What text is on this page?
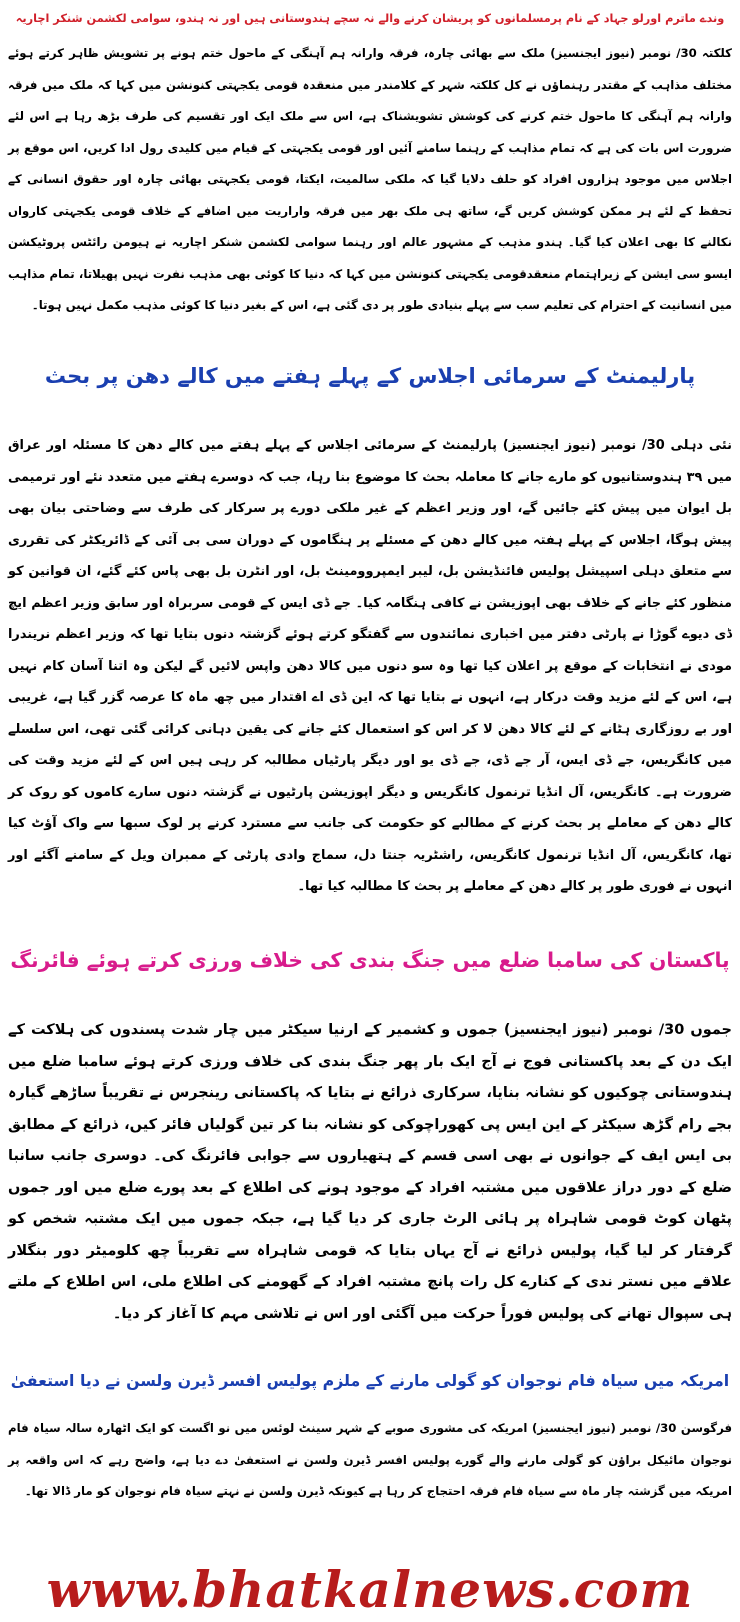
وندے ماترم اورلو جہاد کے نام پرمسلمانوں کو پریشان کرنے والے نہ سچے ہندوستانی ہیں اور نہ ہندو، سوامی لکشمن شنکر اچاریہ

کلکتہ 30/ نومبر (نیوز ایجنسیز) ملک سے بھائی چارہ، فرقہ وارانہ ہم آہنگی کے ماحول ختم ہونے پر تشویش ظاہر کرتے ہوئے مختلف مذاہب کے مقتدر رہنماؤں نے کل کلکتہ شہر کے کلامندر میں منعقدہ قومی یکجہتی کنونشن میں کہا کہ ملک میں فرقہ وارانہ ہم آہنگی کا ماحول ختم کرنے کی کوشش تشویشناک ہے، اس سے ملک ایک اور تقسیم کی طرف بڑھ رہا ہے اس لئے ضرورت اس بات کی ہے کہ تمام مذاہب کے رہنما سامنے آئیں اور قومی یکجہتی کے قیام میں کلیدی رول ادا کریں، اس موقع پر اجلاس میں موجود ہزاروں افراد کو حلف دلایا گیا کہ ملکی سالمیت، ایکتا، قومی یکجہتی بھائی چارہ اور حقوق انسانی کے تحفظ کے لئے ہر ممکن کوشش کریں گے، ساتھ ہی ملک بھر میں فرقہ واراریت میں اضافے کے خلاف قومی یکجہتی کارواں نکالنے کا بھی اعلان کیا گیا۔ ہندو مذہب کے مشہور عالم اور رہنما سوامی لکشمن شنکر اچاریہ نے ہیومن رائٹس پروٹیکشن ایسو سی ایشن کے زیراہتمام منعقدقومی یکجہتی کنونشن میں کہا کہ دنیا کا کوئی بھی مذہب نفرت نہیں پھیلاتا، تمام مذاہب میں انسانیت کے احترام کی تعلیم سب سے پہلے بنیادی طور پر دی گئی ہے، اس کے بغیر دنیا کا کوئی مذہب مکمل نہیں ہوتا۔

پارلیمنٹ کے سرمائی اجلاس کے پہلے ہفتے میں کالے دھن پر بحث

نئی دہلی 30/ نومبر (نیوز ایجنسیز) پارلیمنٹ کے سرمائی اجلاس کے پہلے ہفتے میں کالے دھن کا مسئلہ اور عراق میں ۳۹ ہندوستانیوں کو مارے جانے کا معاملہ بحث کا موضوع بنا رہا، جب کہ دوسرے ہفتے میں متعدد نئے اور ترمیمی بل ایوان میں پیش کئے جائیں گے، اور وزیر اعظم کے غیر ملکی دورے پر سرکار کی طرف سے وضاحتی بیان بھی پیش ہوگا، اجلاس کے پہلے ہفتہ میں کالے دھن کے مسئلے پر ہنگاموں کے دوران سی بی آئی کے ڈائریکٹر کی تقرری سے متعلق دہلی اسپیشل پولیس فائنڈیشن بل، لیبر ایمپروومینٹ بل، اور انٹرن بل بھی پاس کئے گئے، ان قوانین کو منظور کئے جانے کے خلاف بھی اپوزیشن نے کافی ہنگامہ کیا۔ جے ڈی ایس کے قومی سربراہ اور سابق وزیر اعظم ایچ ڈی دیوے گوڑا نے پارٹی دفتر میں اخباری نمائندوں سے گفتگو کرتے ہوئے گزشتہ دنوں بتایا تھا کہ وزیر اعظم نریندرا مودی نے انتخابات کے موقع پر اعلان کیا تھا وہ سو دنوں میں کالا دھن واپس لائیں گے لیکن وہ اتنا آسان کام نہیں ہے، اس کے لئے مزید وقت درکار ہے، انہوں نے بتایا تھا کہ این ڈی اے اقتدار میں چھ ماہ کا عرصہ گزر گیا ہے، غریبی اور بے روزگاری ہٹانے کے لئے کالا دھن لا کر اس کو استعمال کئے جانے کی یقین دہانی کرائی گئی تھی، اس سلسلے میں کانگریس، جے ڈی ایس، آر جے ڈی، جے ڈی یو اور دیگر پارٹیاں مطالبہ کر رہی ہیں اس کے لئے مزید وقت کی ضرورت ہے۔ کانگریس، آل انڈیا ترنمول کانگریس و دیگر اپوزیشن پارٹیوں نے گزشتہ دنوں سارے کاموں کو روک کر کالے دھن کے معاملے پر بحث کرنے کے مطالبے کو حکومت کی جانب سے مسترد کرنے پر لوک سبھا سے واک آؤٹ کیا تھا، کانگریس، آل انڈیا ترنمول کانگریس، راشٹریہ جنتا دل، سماج وادی پارٹی کے ممبران ویل کے سامنے آگئے اور انہوں نے فوری طور پر کالے دھن کے معاملے پر بحث کا مطالبہ کیا تھا۔

پاکستان کی سامبا ضلع میں جنگ بندی کی خلاف ورزی کرتے ہوئے فائرنگ

جموں 30/ نومبر (نیوز ایجنسیز) جموں و کشمیر کے ارنیا سیکٹر میں چار شدت پسندوں کی ہلاکت کے ایک دن کے بعد پاکستانی فوج نے آج ایک بار پھر جنگ بندی کی خلاف ورزی کرتے ہوئے سامبا ضلع میں ہندوستانی چوکیوں کو نشانہ بنایا، سرکاری ذرائع نے بتایا کہ پاکستانی رینجرس نے تقریباً ساڑھے گیارہ بجے رام گڑھ سیکٹر کے این ایس پی کھوراچوکی کو نشانہ بنا کر تین گولیاں فائر کیں، ذرائع کے مطابق بی ایس ایف کے جوانوں نے بھی اسی قسم کے ہتھیاروں سے جوابی فائرنگ کی۔ دوسری جانب سانبا ضلع کے دور دراز علاقوں میں مشتبہ افراد کے موجود ہونے کی اطلاع کے بعد پورے ضلع میں اور جموں پٹھان کوٹ قومی شاہراہ پر ہائی الرٹ جاری کر دیا گیا ہے، جبکہ جموں میں ایک مشتبہ شخص کو گرفتار کر لیا گیا، پولیس ذرائع نے آج یہاں بتایا کہ قومی شاہراہ سے تقریباً چھ کلومیٹر دور بنگلار علاقے میں نستر ندی کے کنارے کل رات پانچ مشتبہ افراد کے گھومنے کی اطلاع ملی، اس اطلاع کے ملتے ہی سپوال تھانے کی پولیس فوراً حرکت میں آگئی اور اس نے تلاشی مہم کا آغاز کر دیا۔

امریکہ میں سیاہ فام نوجوان کو گولی مارنے کے ملزم پولیس افسر ڈیرن ولسن نے دیا استعفیٰ

فرگوسن 30/ نومبر (نیوز ایجنسیز) امریکہ کی مشوری صوبے کے شہر سینٹ لوئس میں نو اگست کو ایک اٹھارہ سالہ سیاہ فام نوجوان مائیکل براؤن کو گولی مارنے والے گورے پولیس افسر ڈیرن ولسن نے استعفیٰ دے دیا ہے، واضح رہے کہ اس واقعہ پر امریکہ میں گزشتہ چار ماہ سے سیاہ فام فرقہ احتجاج کر رہا ہے کیونکہ ڈیرن ولسن نے نہتے سیاہ فام نوجوان کو مار ڈالا تھا۔

www.bhatkalnews.com
